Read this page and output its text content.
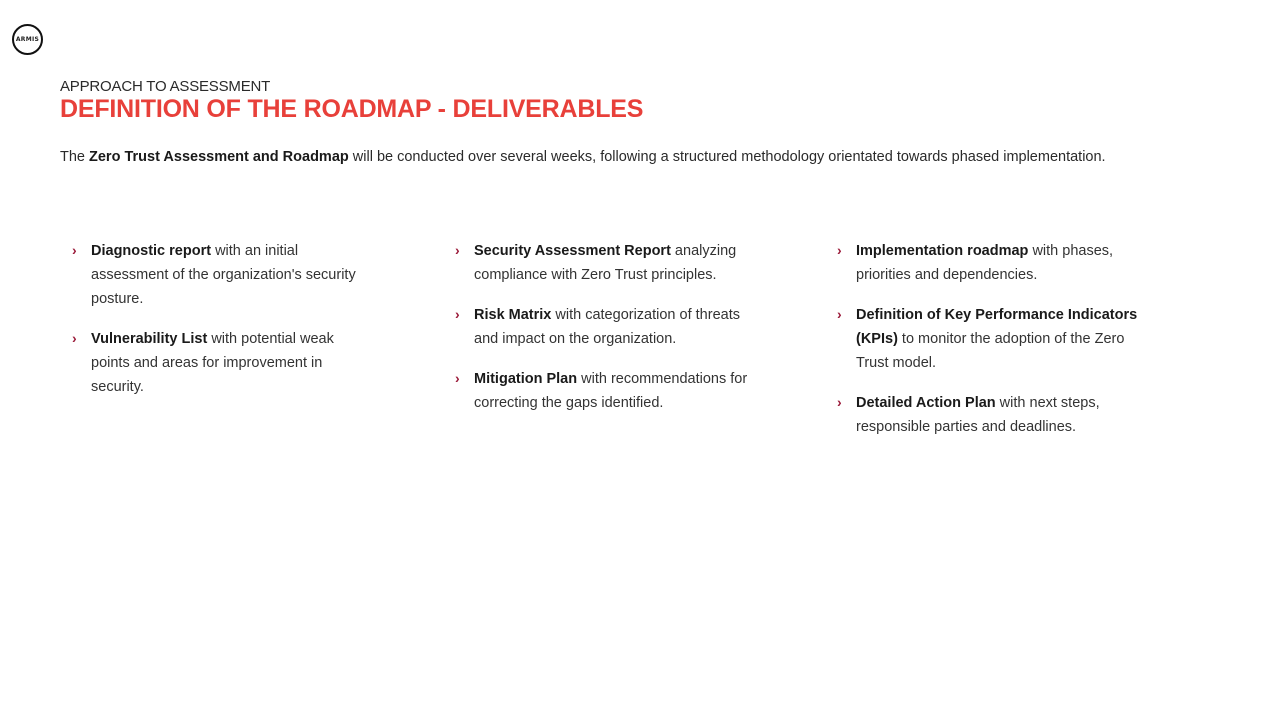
ARMIS
APPROACH TO ASSESSMENT
DEFINITION OF THE ROADMAP - DELIVERABLES
The Zero Trust Assessment and Roadmap will be conducted over several weeks, following a structured methodology orientated towards phased implementation.
› Diagnostic report with an initial assessment of the organization's security posture.
› Vulnerability List with potential weak points and areas for improvement in security.
› Security Assessment Report analyzing compliance with Zero Trust principles.
› Risk Matrix with categorization of threats and impact on the organization.
› Mitigation Plan with recommendations for correcting the gaps identified.
› Implementation roadmap with phases, priorities and dependencies.
› Definition of Key Performance Indicators (KPIs) to monitor the adoption of the Zero Trust model.
› Detailed Action Plan with next steps, responsible parties and deadlines.
